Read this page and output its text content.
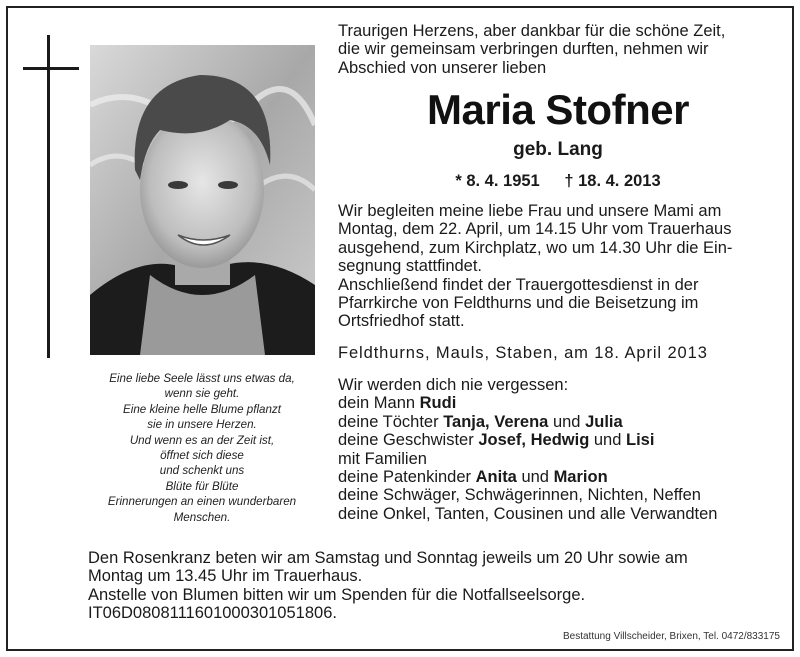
Eine liebe Seele lässt uns etwas da,
wenn sie geht.
Eine kleine helle Blume pflanzt
sie in unsere Herzen.
Und wenn es an der Zeit ist,
öffnet sich diese
und schenkt uns
Blüte für Blüte
Erinnerungen an einen wunderbaren
Menschen.
Traurigen Herzens, aber dankbar für die schöne Zeit,
die wir gemeinsam verbringen durften, nehmen wir
Abschied von unserer lieben
Maria Stofner
geb. Lang
* 8. 4. 1951 † 18. 4. 2013
Wir begleiten meine liebe Frau und unsere Mami am
Montag, dem 22. April, um 14.15 Uhr vom Trauerhaus
ausgehend, zum Kirchplatz, wo um 14.30 Uhr die Ein-
segnung stattfindet.
Anschließend findet der Trauergottesdienst in der
Pfarrkirche von Feldthurns und die Beisetzung im
Ortsfriedhof statt.
Feldthurns, Mauls, Staben, am 18. April 2013
Wir werden dich nie vergessen:
dein Mann Rudi
deine Töchter Tanja, Verena und Julia
deine Geschwister Josef, Hedwig und Lisi
mit Familien
deine Patenkinder Anita und Marion
deine Schwäger, Schwägerinnen, Nichten, Neffen
deine Onkel, Tanten, Cousinen und alle Verwandten
Den Rosenkranz beten wir am Samstag und Sonntag jeweils um 20 Uhr sowie am
Montag um 13.45 Uhr im Trauerhaus.
Anstelle von Blumen bitten wir um Spenden für die Notfallseelsorge.
IT06D0808111601000301051806.
Bestattung Villscheider, Brixen, Tel. 0472/833175
